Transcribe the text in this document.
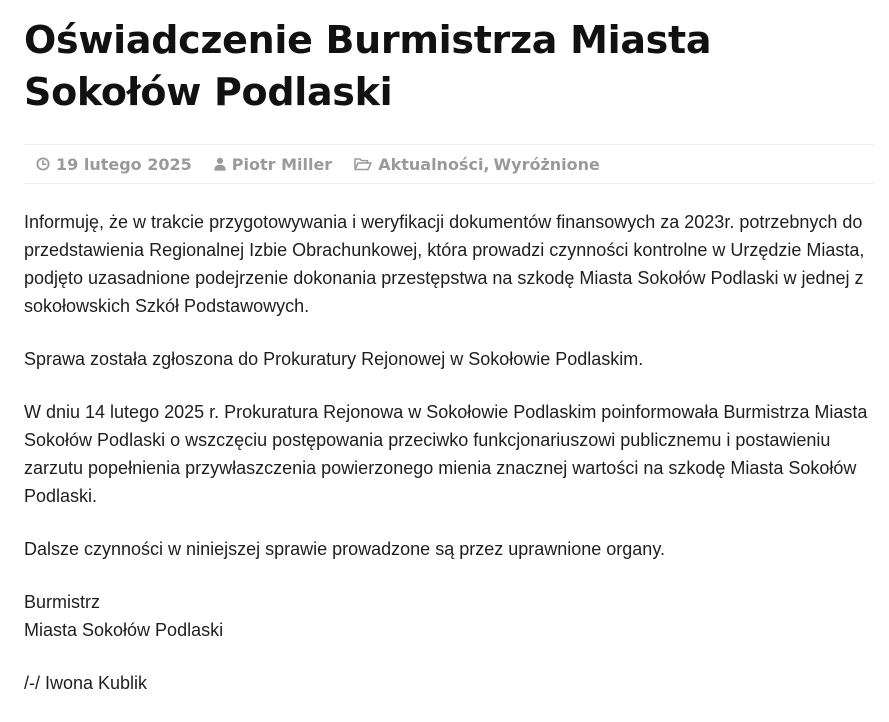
Oświadczenie Burmistrza Miasta Sokołów Podlaski
19 lutego 2025	Piotr Miller	Aktualności , Wyróżnione

Informuję, że w trakcie przygotowywania i weryfikacji dokumentów finansowych za 2023r. potrzebnych do przedstawienia Regionalnej Izbie Obrachunkowej, która prowadzi czynności kontrolne w Urzędzie Miasta, podjęto uzasadnione podejrzenie dokonania przestępstwa na szkodę Miasta Sokołów Podlaski w jednej z sokołowskich Szkół Podstawowych.

Sprawa została zgłoszona do Prokuratury Rejonowej w Sokołowie Podlaskim.

W dniu 14 lutego 2025 r. Prokuratura Rejonowa w Sokołowie Podlaskim poinformowała Burmistrza Miasta Sokołów Podlaski o wszczęciu postępowania przeciwko funkcjonariuszowi publicznemu i postawieniu zarzutu popełnienia przywłaszczenia powierzonego mienia znacznej wartości na szkodę Miasta Sokołów Podlaski.

Dalsze czynności w niniejszej sprawie prowadzone są przez uprawnione organy.

Burmistrz
Miasta Sokołów Podlaski

/-/ Iwona Kublik
